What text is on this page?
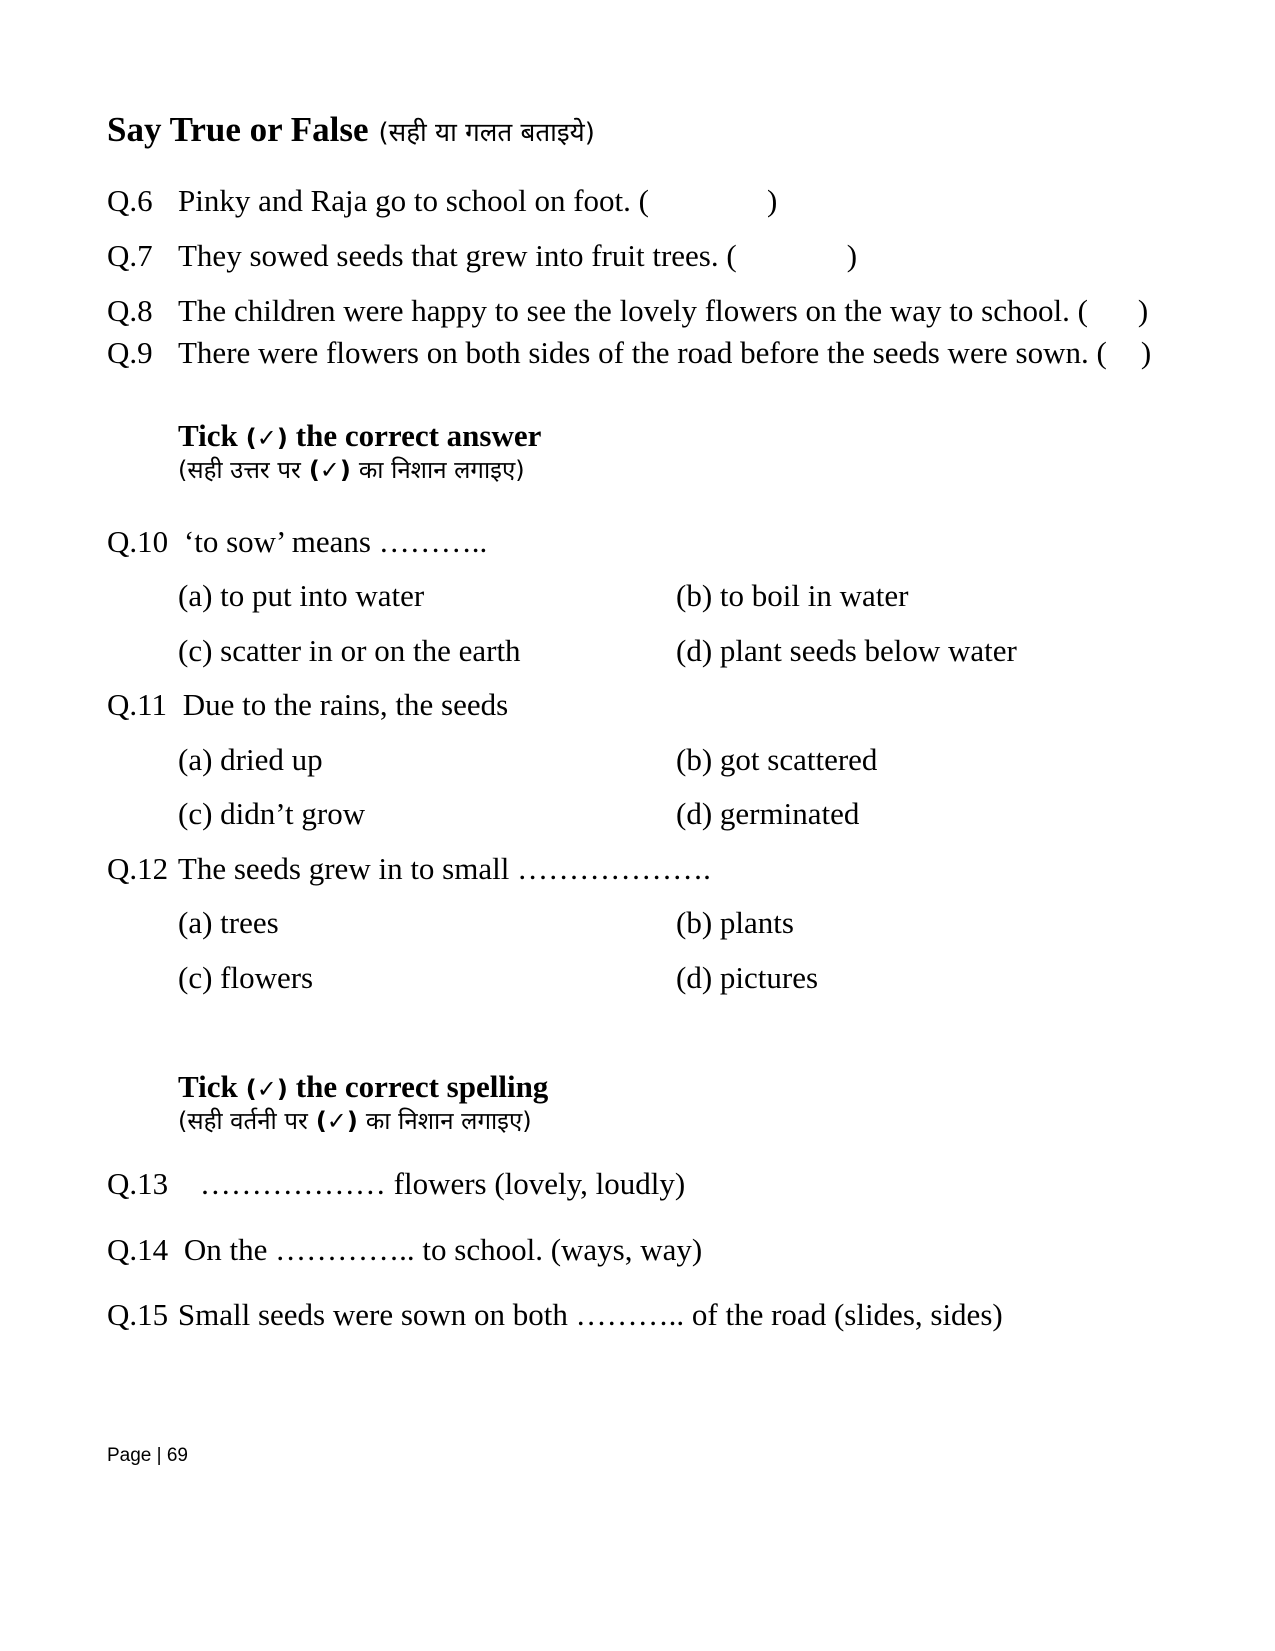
Say True or False (सही या गलत बताइये)
Q.6 Pinky and Raja go to school on foot. (	)
Q.7 They sowed seeds that grew into fruit trees. (	)
Q.8 The children were happy to see the lovely flowers on the way to school. ( )
Q.9 There were flowers on both sides of the road before the seeds were sown. ( )
Tick (✓) the correct answer
(सही उत्तर पर (✓) का निशान लगाइए)
Q.10 ‘to sow’ means ………..
(a) to put into water	(b) to boil in water
(c) scatter in or on the earth	(d) plant seeds below water
Q.11 Due to the rains, the seeds
(a) dried up	(b) got scattered
(c) didn’t grow	(d) germinated
Q.12 The seeds grew in to small ……………….
(a) trees	(b) plants
(c) flowers	(d) pictures
Tick (✓) the correct spelling
(सही वर्तनी पर (✓) का निशान लगाइए)
Q.13 ……………… flowers (lovely, loudly)
Q.14 On the ………….. to school. (ways, way)
Q.15 Small seeds were sown on both ……….. of the road (slides, sides)
Page | 69
